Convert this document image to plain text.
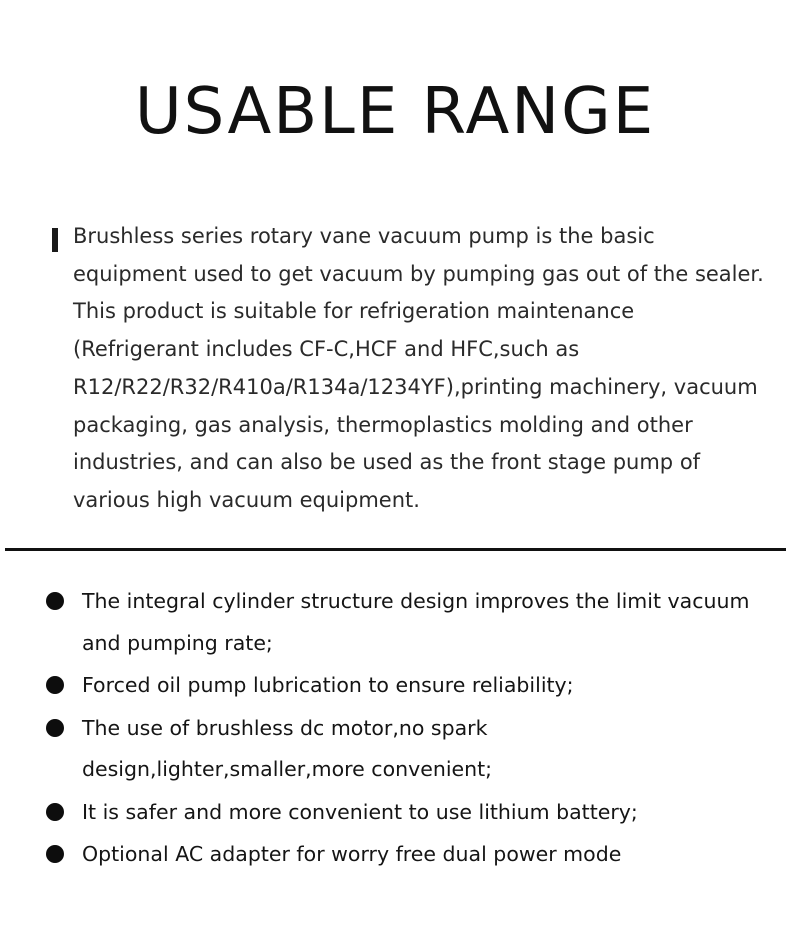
USABLE RANGE

Brushless series rotary vane vacuum pump is the basic equipment used to get vacuum by pumping gas out of the sealer. This product is suitable for refrigeration maintenance (Refrigerant includes CF-C,HCF and HFC,such as R12/R22/R32/R410a/R134a/1234YF),printing machinery, vacuum packaging, gas analysis, thermoplastics molding and other industries, and can also be used as the front stage pump of various high vacuum equipment.

The integral cylinder structure design improves the limit vacuum and pumping rate;
Forced oil pump lubrication to ensure reliability;
The use of brushless dc motor,no spark design,lighter,smaller,more convenient;
It is safer and more convenient to use lithium battery;
Optional AC adapter for worry free dual power mode
